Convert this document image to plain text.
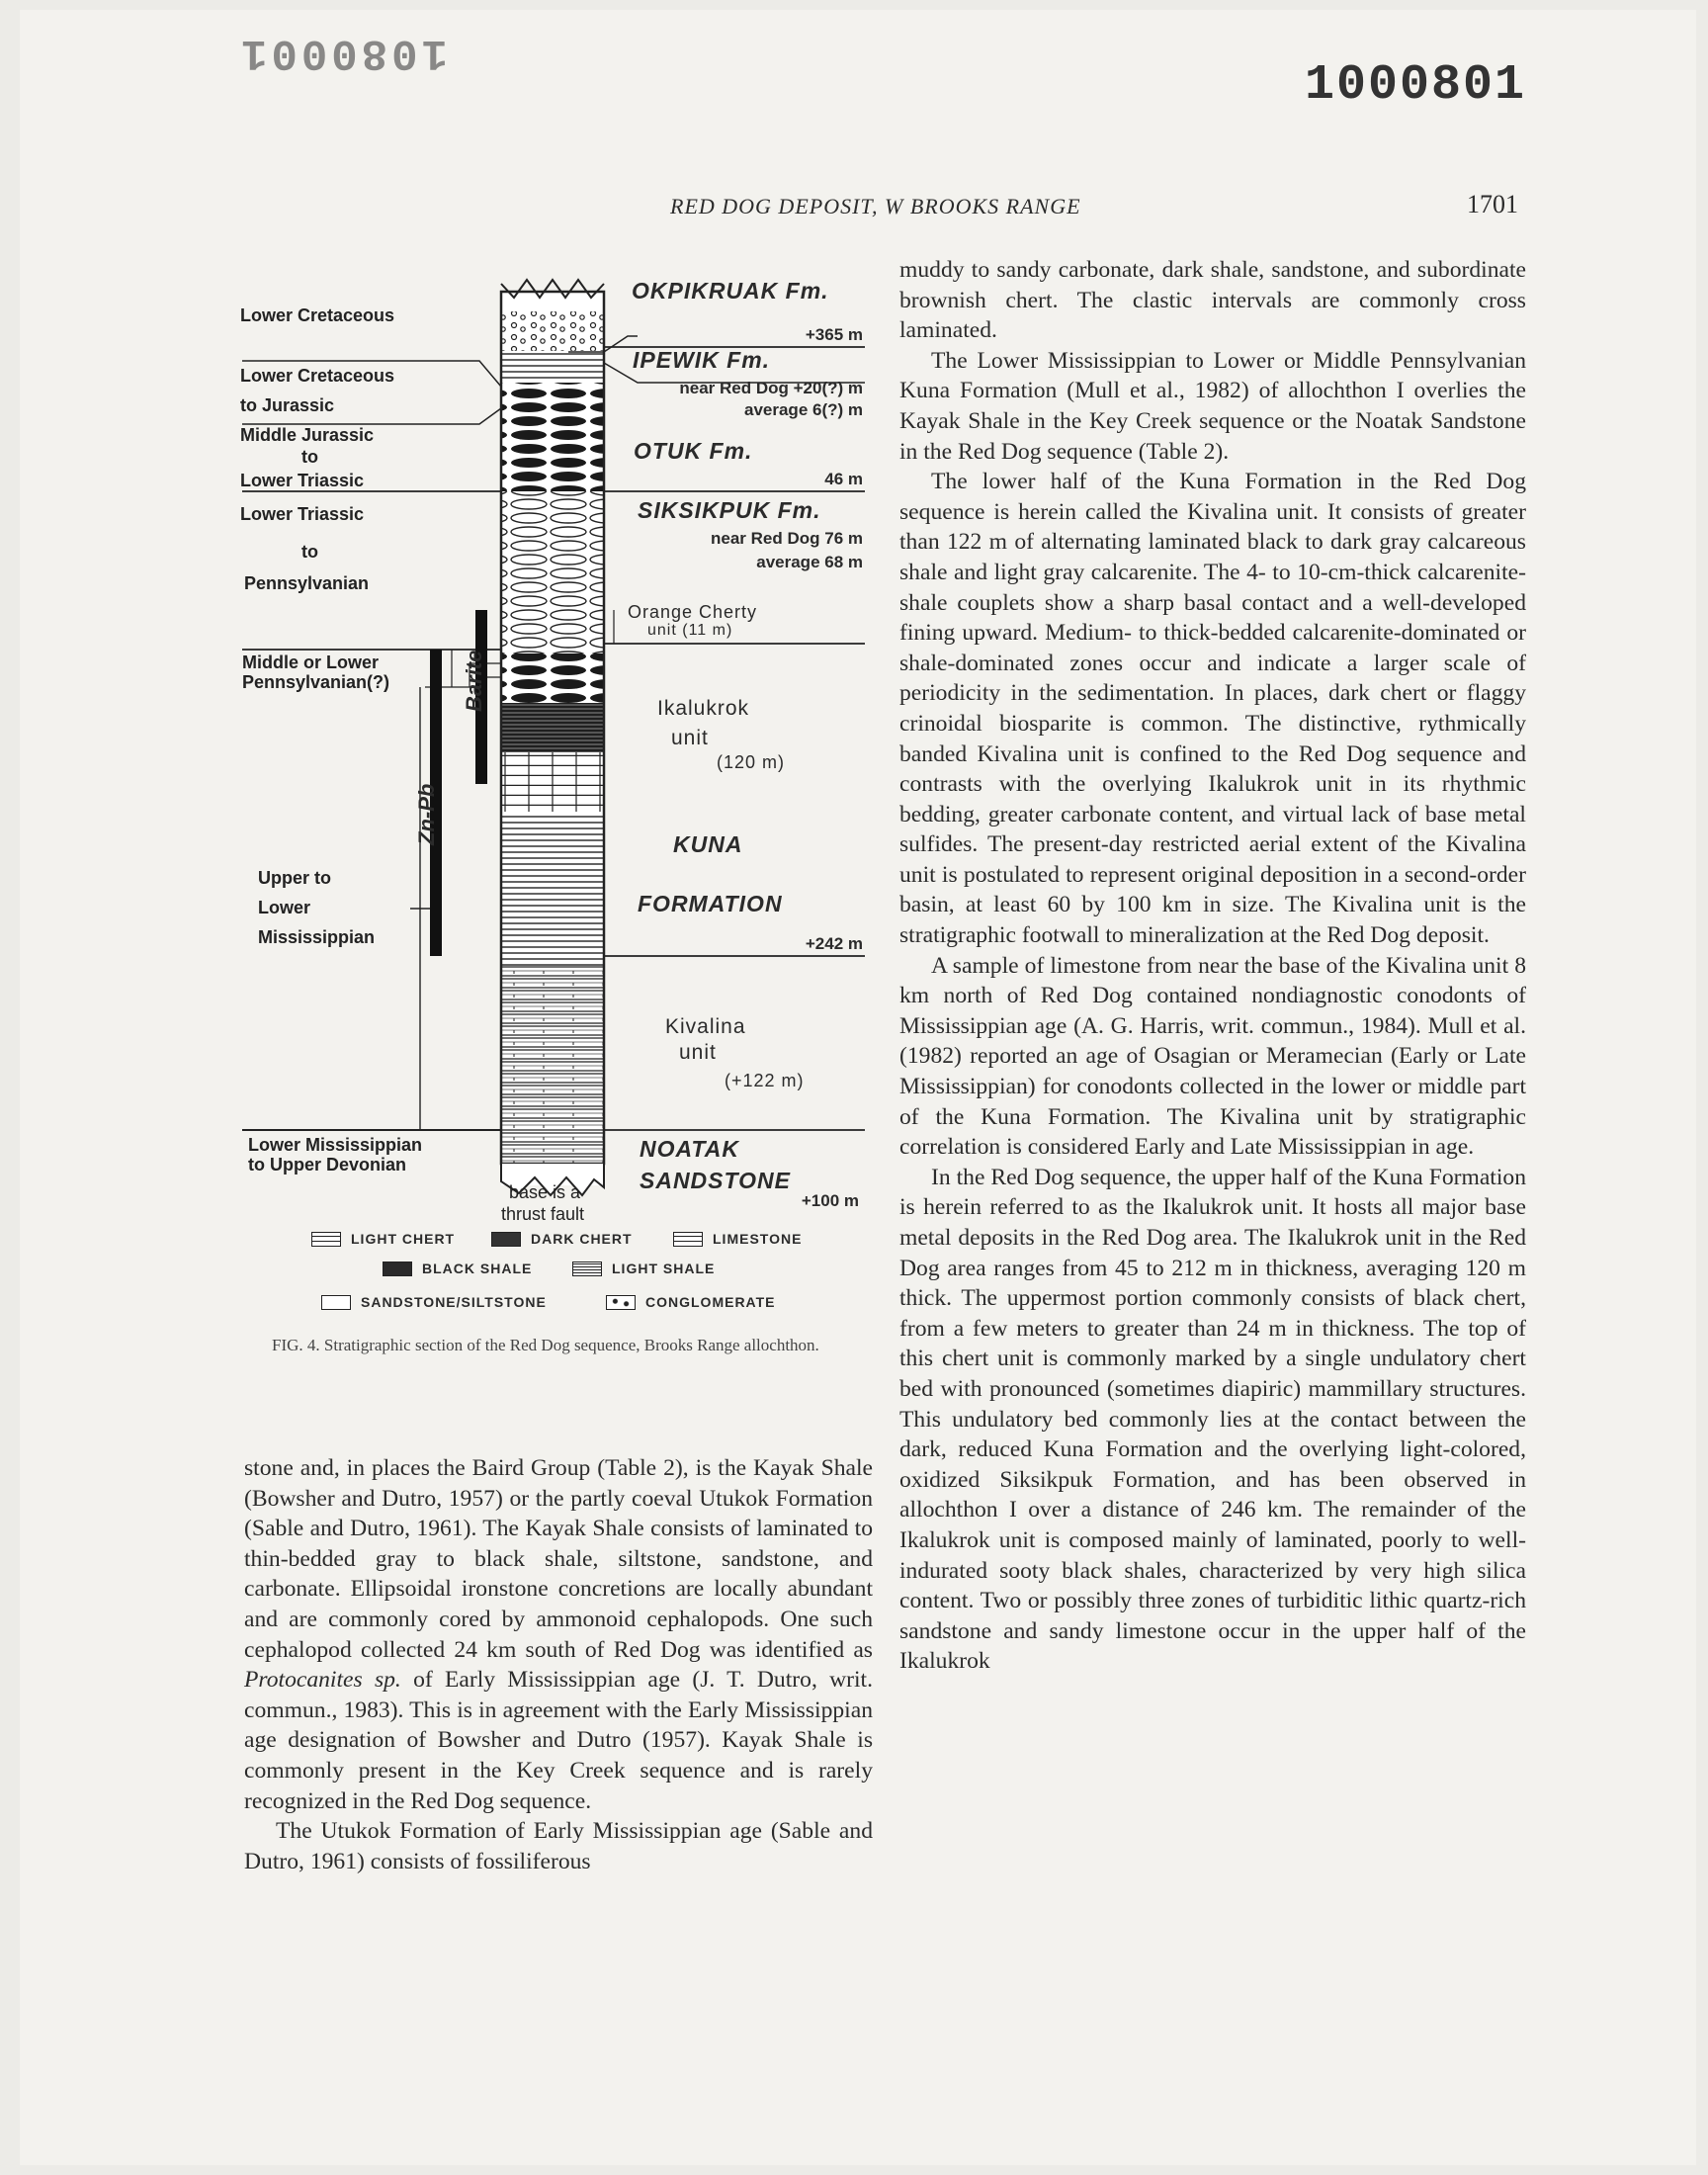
1080001
1000801
RED DOG DEPOSIT, W BROOKS RANGE	1701
Lower Cretaceous
Lower Cretaceous
to Jurassic
Middle Jurassic
to
Lower Triassic
Lower Triassic
to
Pennsylvanian
Middle or Lower
Pennsylvanian(?)
Upper to
Lower
Mississippian
Lower Mississippian
to Upper Devonian
OKPIKRUAK Fm.
IPEWIK Fm.
OTUK Fm.
SIKSIKPUK Fm.
KUNA
FORMATION
NOATAK
SANDSTONE
+365 m
near Red Dog +20(?) m
average 6(?) m
46 m
near Red Dog 76 m
average 68 m
+242 m
+100 m
Orange Cherty
unit (11 m)
Ikalukrok
unit
(120 m)
Kivalina
unit
(+122 m)
Barite
Zn-Pb
base is a
thrust fault
LIGHT CHERT	DARK CHERT	LIMESTONE
BLACK SHALE	LIGHT SHALE
SANDSTONE/SILTSTONE	CONGLOMERATE
FIG. 4. Stratigraphic section of the Red Dog sequence, Brooks Range allochthon.

muddy to sandy carbonate, dark shale, sandstone, and subordinate brownish chert. The clastic intervals are commonly cross laminated.

The Lower Mississippian to Lower or Middle Pennsylvanian Kuna Formation (Mull et al., 1982) of allochthon I overlies the Kayak Shale in the Key Creek sequence or the Noatak Sandstone in the Red Dog sequence (Table 2).

The lower half of the Kuna Formation in the Red Dog sequence is herein called the Kivalina unit. It consists of greater than 122 m of alternating laminated black to dark gray calcareous shale and light gray calcarenite. The 4- to 10-cm-thick calcarenite-shale couplets show a sharp basal contact and a well-developed fining upward. Medium- to thick-bedded calcarenite-dominated or shale-dominated zones occur and indicate a larger scale of periodicity in the sedimentation. In places, dark chert or flaggy crinoidal biosparite is common. The distinctive, rythmically banded Kivalina unit is confined to the Red Dog sequence and contrasts with the overlying Ikalukrok unit in its rhythmic bedding, greater carbonate content, and virtual lack of base metal sulfides. The present-day restricted aerial extent of the Kivalina unit is postulated to represent original deposition in a second-order basin, at least 60 by 100 km in size. The Kivalina unit is the stratigraphic footwall to mineralization at the Red Dog deposit.

A sample of limestone from near the base of the Kivalina unit 8 km north of Red Dog contained nondiagnostic conodonts of Mississippian age (A. G. Harris, writ. commun., 1984). Mull et al. (1982) reported an age of Osagian or Meramecian (Early or Late Mississippian) for conodonts collected in the lower or middle part of the Kuna Formation. The Kivalina unit by stratigraphic correlation is considered Early and Late Mississippian in age.

In the Red Dog sequence, the upper half of the Kuna Formation is herein referred to as the Ikalukrok unit. It hosts all major base metal deposits in the Red Dog area. The Ikalukrok unit in the Red Dog area ranges from 45 to 212 m in thickness, averaging 120 m thick. The uppermost portion commonly consists of black chert, from a few meters to greater than 24 m in thickness. The top of this chert unit is commonly marked by a single undulatory chert bed with pronounced (sometimes diapiric) mammillary structures. This undulatory bed commonly lies at the contact between the dark, reduced Kuna Formation and the overlying light-colored, oxidized Siksikpuk Formation, and has been observed in allochthon I over a distance of 246 km. The remainder of the Ikalukrok unit is composed mainly of laminated, poorly to well-indurated sooty black shales, characterized by very high silica content. Two or possibly three zones of turbiditic lithic quartz-rich sandstone and sandy limestone occur in the upper half of the Ikalukrok

stone and, in places the Baird Group (Table 2), is the Kayak Shale (Bowsher and Dutro, 1957) or the partly coeval Utukok Formation (Sable and Dutro, 1961). The Kayak Shale consists of laminated to thin-bedded gray to black shale, siltstone, sandstone, and carbonate. Ellipsoidal ironstone concretions are locally abundant and are commonly cored by ammonoid cephalopods. One such cephalopod collected 24 km south of Red Dog was identified as Protocanites sp. of Early Mississippian age (J. T. Dutro, writ. commun., 1983). This is in agreement with the Early Mississippian age designation of Bowsher and Dutro (1957). Kayak Shale is commonly present in the Key Creek sequence and is rarely recognized in the Red Dog sequence.

The Utukok Formation of Early Mississippian age (Sable and Dutro, 1961) consists of fossiliferous
